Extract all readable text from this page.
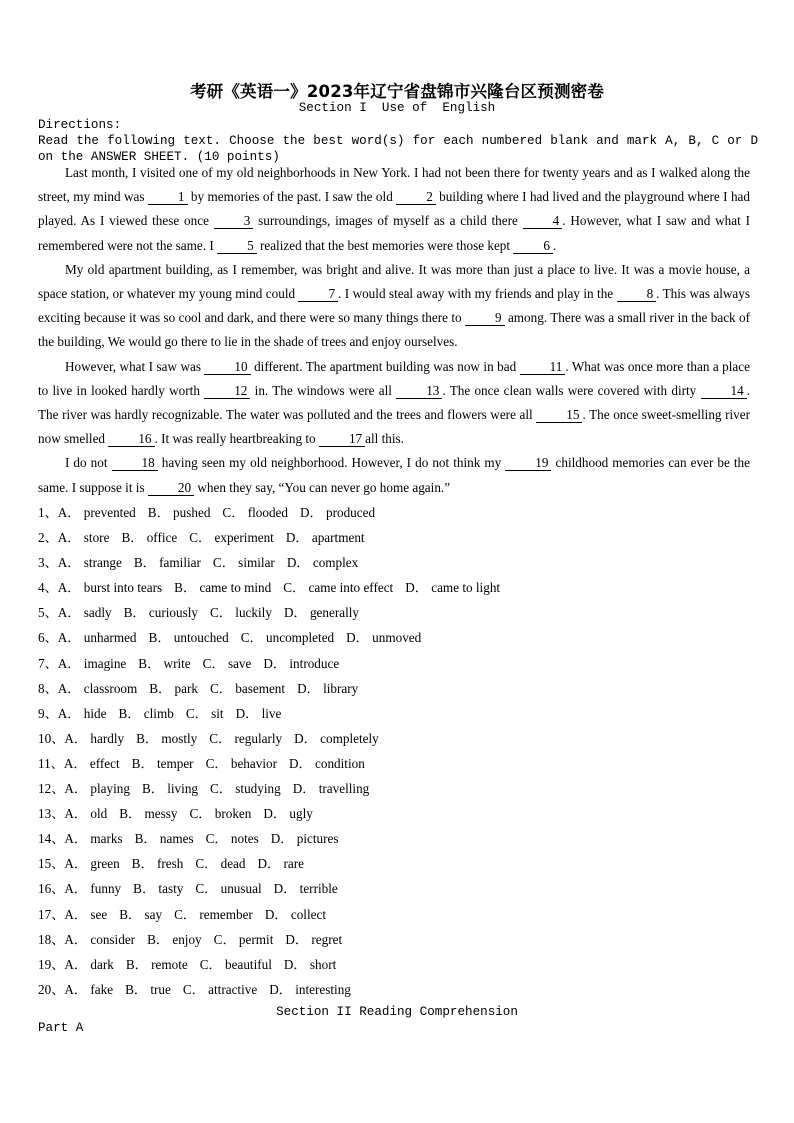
考研《英语一》2023年辽宁省盘锦市兴隆台区预测密卷
Section I  Use of  English
Directions:
Read the following text. Choose the best word(s) for each numbered blank and mark A, B, C or D on the ANSWER SHEET. (10 points)

Last month, I visited one of my old neighborhoods in New York. I had not been there for twenty years and as I walked along the street, my mind was 1 by memories of the past. I saw the old 2 building where I had lived and the playground where I had played. As I viewed these once 3 surroundings, images of myself as a child there 4 . However, what I saw and what I remembered were not the same. I 5 realized that the best memories were those kept 6 .

My old apartment building, as I remember, was bright and alive. It was more than just a place to live. It was a movie house, a space station, or whatever my young mind could 7 . I would steal away with my friends and play in the 8 . This was always exciting because it was so cool and dark, and there were so many things there to 9 among. There was a small river in the back of the building, We would go there to lie in the shade of trees and enjoy ourselves.

However, what I saw was 10 different. The apartment building was now in bad 11 . What was once more than a place to live in looked hardly worth 12 in. The windows were all 13 . The once clean walls were covered with dirty 14 . The river was hardly recognizable. The water was polluted and the trees and flowers were all 15 . The once sweet-smelling river now smelled 16 . It was really heartbreaking to 17 all this.

I do not 18 having seen my old neighborhood. However, I do not think my 19 childhood memories can ever be the same. I suppose it is 20 when they say, “You can never go home again.”

1、A． prevented B． pushed C． flooded D． produced
2、A． store B． office C． experiment D． apartment
3、A． strange B． familiar C． similar D． complex
4、A． burst into tears B． came to mind C． came into effect D． came to light
5、A． sadly B． curiously C． luckily D． generally
6、A． unharmed B． untouched C． uncompleted D． unmoved
7、A． imagine B． write C． save D． introduce
8、A． classroom B． park C． basement D． library
9、A． hide B． climb C． sit D． live
10、A． hardly B． mostly C． regularly D． completely
11、A． effect B． temper C． behavior D． condition
12、A． playing B． living C． studying D． travelling
13、A． old B． messy C． broken D． ugly
14、A． marks B． names C． notes D． pictures
15、A． green B． fresh C． dead D． rare
16、A． funny B． tasty C． unusual D． terrible
17、A． see B． say C． remember D． collect
18、A． consider B． enjoy C． permit D． regret
19、A． dark B． remote C． beautiful D． short
20、A． fake B． true C． attractive D． interesting
Section II Reading Comprehension
Part A
